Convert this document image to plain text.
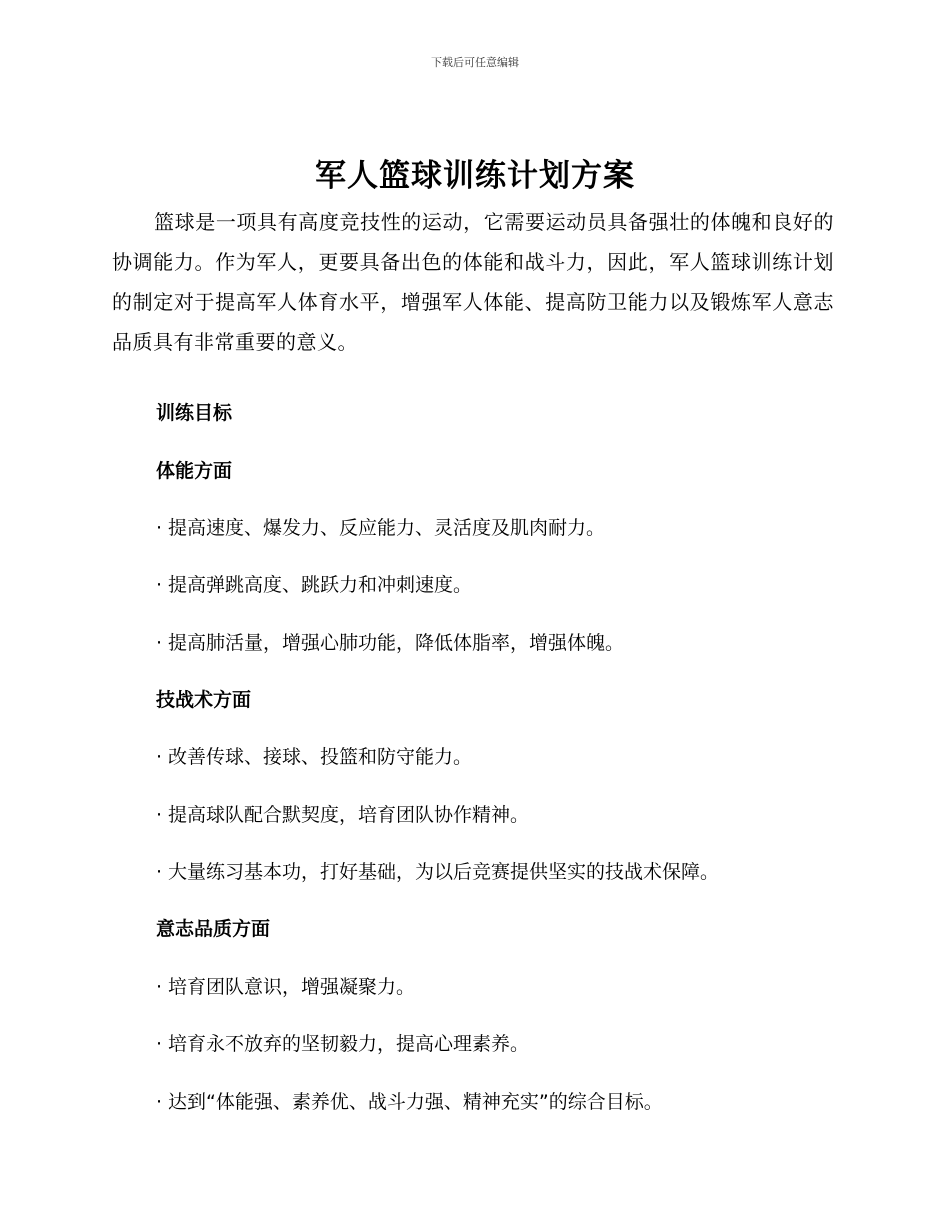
下载后可任意编辑
军人篮球训练计划方案

篮球是一项具有高度竞技性的运动，它需要运动员具备强壮的体魄和良好的协调能力。作为军人，更要具备出色的体能和战斗力，因此，军人篮球训练计划的制定对于提高军人体育水平，增强军人体能、提高防卫能力以及锻炼军人意志品质具有非常重要的意义。

训练目标
体能方面
· 提高速度、爆发力、反应能力、灵活度及肌肉耐力。
· 提高弹跳高度、跳跃力和冲刺速度。
· 提高肺活量，增强心肺功能，降低体脂率，增强体魄。
技战术方面
· 改善传球、接球、投篮和防守能力。
· 提高球队配合默契度，培育团队协作精神。
· 大量练习基本功，打好基础，为以后竞赛提供坚实的技战术保障。
意志品质方面
· 培育团队意识，增强凝聚力。
· 培育永不放弃的坚韧毅力，提高心理素养。
· 达到“体能强、素养优、战斗力强、精神充实”的综合目标。
